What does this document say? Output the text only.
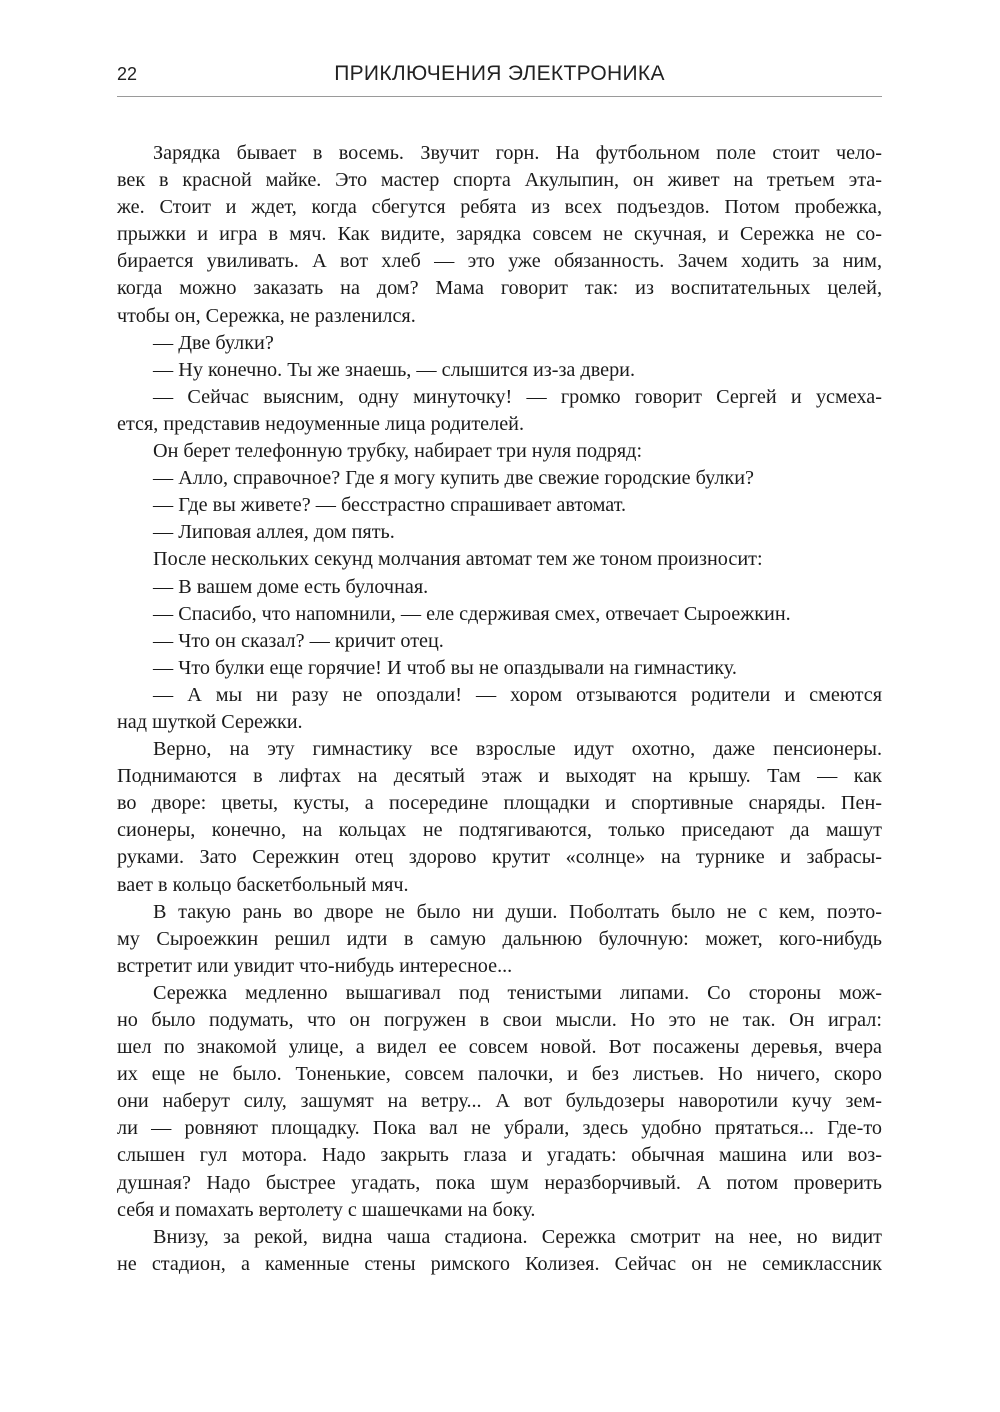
22	ПРИКЛЮЧЕНИЯ ЭЛЕКТРОНИКА
Зарядка бывает в восемь. Звучит горн. На футбольном поле стоит чело-
век в красной майке. Это мастер спорта Акулыпин, он живет на третьем эта-
же. Стоит и ждет, когда сбегутся ребята из всех подъездов. Потом пробежка,
прыжки и игра в мяч. Как видите, зарядка совсем не скучная, и Сережка не со-
бирается увиливать. А вот хлеб — это уже обязанность. Зачем ходить за ним,
когда можно заказать на дом? Мама говорит так: из воспитательных целей,
чтобы он, Сережка, не разленился.
— Две булки?
— Ну конечно. Ты же знаешь, — слышится из-за двери.
— Сейчас выясним, одну минуточку! — громко говорит Сергей и усмеха-
ется, представив недоуменные лица родителей.
Он берет телефонную трубку, набирает три нуля подряд:
— Алло, справочное? Где я могу купить две свежие городские булки?
— Где вы живете? — бесстрастно спрашивает автомат.
— Липовая аллея, дом пять.
После нескольких секунд молчания автомат тем же тоном произносит:
— В вашем доме есть булочная.
— Спасибо, что напомнили, — еле сдерживая смех, отвечает Сыроежкин.
— Что он сказал? — кричит отец.
— Что булки еще горячие! И чтоб вы не опаздывали на гимнастику.
— А мы ни разу не опоздали! — хором отзываются родители и смеются
над шуткой Сережки.
Верно, на эту гимнастику все взрослые идут охотно, даже пенсионеры.
Поднимаются в лифтах на десятый этаж и выходят на крышу. Там — как
во дворе: цветы, кусты, а посередине площадки и спортивные снаряды. Пен-
сионеры, конечно, на кольцах не подтягиваются, только приседают да машут
руками. Зато Сережкин отец здорово крутит «солнце» на турнике и забрасы-
вает в кольцо баскетбольный мяч.
В такую рань во дворе не было ни души. Поболтать было не с кем, поэто-
му Сыроежкин решил идти в самую дальнюю булочную: может, кого-нибудь
встретит или увидит что-нибудь интересное...
Сережка медленно вышагивал под тенистыми липами. Со стороны мож-
но было подумать, что он погружен в свои мысли. Но это не так. Он играл:
шел по знакомой улице, а видел ее совсем новой. Вот посажены деревья, вчера
их еще не было. Тоненькие, совсем палочки, и без листьев. Но ничего, скоро
они наберут силу, зашумят на ветру... А вот бульдозеры наворотили кучу зем-
ли — ровняют площадку. Пока вал не убрали, здесь удобно прятаться... Где-то
слышен гул мотора. Надо закрыть глаза и угадать: обычная машина или воз-
душная? Надо быстрее угадать, пока шум неразборчивый. А потом проверить
себя и помахать вертолету с шашечками на боку.
Внизу, за рекой, видна чаша стадиона. Сережка смотрит на нее, но видит
не стадион, а каменные стены римского Колизея. Сейчас он не семиклассник
